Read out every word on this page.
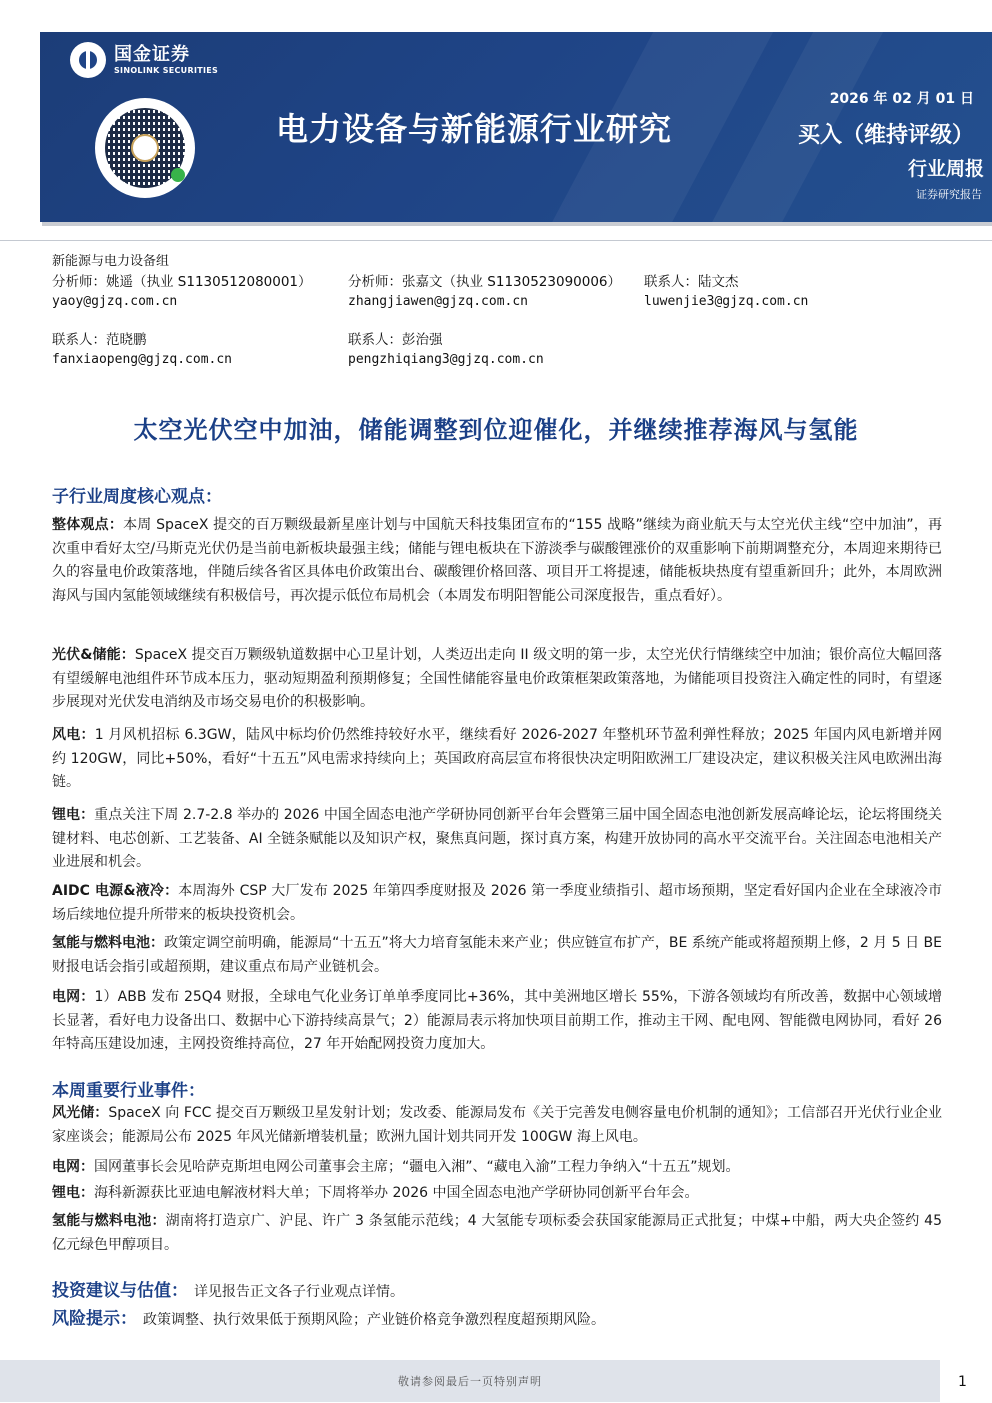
国金证券
SINOLINK SECURITIES
2026 年 02 月 01 日
电力设备与新能源行业研究	买入（维持评级）
行业周报
证券研究报告
新能源与电力设备组
分析师：姚遥（执业 S1130512080001）
yaoy@gjzq.com.cn
分析师：张嘉文（执业 S1130523090006）
zhangjiawen@gjzq.com.cn
联系人：陆文杰
luwenjie3@gjzq.com.cn
联系人：范晓鹏
fanxiaopeng@gjzq.com.cn
联系人：彭治强
pengzhiqiang3@gjzq.com.cn
太空光伏空中加油，储能调整到位迎催化，并继续推荐海风与氢能
子行业周度核心观点：
整体观点：本周 SpaceX 提交的百万颗级最新星座计划与中国航天科技集团宣布的“155 战略”继续为商业航天与太空光伏主线“空中加油”，再次重申看好太空/马斯克光伏仍是当前电新板块最强主线；储能与锂电板块在下游淡季与碳酸锂涨价的双重影响下前期调整充分，本周迎来期待已久的容量电价政策落地，伴随后续各省区具体电价政策出台、碳酸锂价格回落、项目开工将提速，储能板块热度有望重新回升；此外，本周欧洲海风与国内氢能领域继续有积极信号，再次提示低位布局机会（本周发布明阳智能公司深度报告，重点看好）。
光伏&储能：SpaceX 提交百万颗级轨道数据中心卫星计划，人类迈出走向 II 级文明的第一步，太空光伏行情继续空中加油；银价高位大幅回落有望缓解电池组件环节成本压力，驱动短期盈利预期修复；全国性储能容量电价政策框架政策落地，为储能项目投资注入确定性的同时，有望逐步展现对光伏发电消纳及市场交易电价的积极影响。
风电：1 月风机招标 6.3GW，陆风中标均价仍然维持较好水平，继续看好 2026-2027 年整机环节盈利弹性释放；2025 年国内风电新增并网约 120GW，同比+50%，看好“十五五”风电需求持续向上；英国政府高层宣布将很快决定明阳欧洲工厂建设决定，建议积极关注风电欧洲出海链。
锂电：重点关注下周 2.7-2.8 举办的 2026 中国全固态电池产学研协同创新平台年会暨第三届中国全固态电池创新发展高峰论坛，论坛将围绕关键材料、电芯创新、工艺装备、AI 全链条赋能以及知识产权，聚焦真问题，探讨真方案，构建开放协同的高水平交流平台。关注固态电池相关产业进展和机会。
AIDC 电源&液冷：本周海外 CSP 大厂发布 2025 年第四季度财报及 2026 第一季度业绩指引、超市场预期，坚定看好国内企业在全球液冷市场后续地位提升所带来的板块投资机会。
氢能与燃料电池：政策定调空前明确，能源局“十五五”将大力培育氢能未来产业；供应链宣布扩产，BE 系统产能或将超预期上修，2 月 5 日 BE 财报电话会指引或超预期，建议重点布局产业链机会。
电网：1）ABB 发布 25Q4 财报，全球电气化业务订单单季度同比+36%，其中美洲地区增长 55%，下游各领域均有所改善，数据中心领域增长显著，看好电力设备出口、数据中心下游持续高景气；2）能源局表示将加快项目前期工作，推动主干网、配电网、智能微电网协同，看好 26 年特高压建设加速，主网投资维持高位，27 年开始配网投资力度加大。
本周重要行业事件：
风光储：SpaceX 向 FCC 提交百万颗级卫星发射计划；发改委、能源局发布《关于完善发电侧容量电价机制的通知》；工信部召开光伏行业企业家座谈会；能源局公布 2025 年风光储新增装机量；欧洲九国计划共同开发 100GW 海上风电。
电网：国网董事长会见哈萨克斯坦电网公司董事会主席；“疆电入湘”、“藏电入渝”工程力争纳入“十五五”规划。
锂电：海科新源获比亚迪电解液材料大单；下周将举办 2026 中国全固态电池产学研协同创新平台年会。
氢能与燃料电池：湖南将打造京广、沪昆、许广 3 条氢能示范线；4 大氢能专项标委会获国家能源局正式批复；中煤+中船，两大央企签约 45 亿元绿色甲醇项目。
投资建议与估值： 详见报告正文各子行业观点详情。
风险提示： 政策调整、执行效果低于预期风险；产业链价格竞争激烈程度超预期风险。
敬请参阅最后一页特别声明	1
